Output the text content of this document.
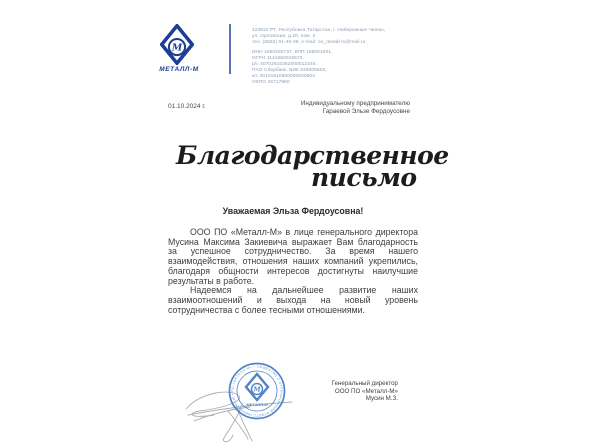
М
МЕТАЛЛ-М
423822 РТ, Республика Татарстан, г. Набережные Челны,
ул. Орловская, д.20, пом. 2
тел. (8552) 91-45-09, e-mail: oo_metall-m@mail.ru
ИНН 1650292737, КПП 165001001,
ОГРН 1141650015573,
р/с 40702810362000012345,
ПАО Сбербанк, БИК 049205603,
к/с 30101810600000000603
ОКПО 46717860
01.10.2024 г.	Индивидуальному предпринимателю
Гараевой Эльзе Фердоусовне
Благодарственное
письмо
Уважаемая Эльза Фердоусовна!

ООО ПО «Металл-М» в лице генерального директора Мусина Максима Закиевича выражает Вам благодарность за успешное сотрудничество. За время нашего взаимодействия, отношения наших компаний укрепились, благодаря общности интересов достигнуты наилучшие результаты в работе.

Надеемся на дальнейшее развитие наших взаимоотношений и выхода на новый уровень сотрудничества с более тесными отношениями.

ОБЩЕСТВО С ОГРАНИЧЕННОЙ ОТВЕТСТВЕННОСТЬЮ • ПО «МЕТАЛЛ-М» •
М
МЕТАЛЛ-М
Генеральный директор
ООО ПО «Металл-М»
Мусин М.З.
